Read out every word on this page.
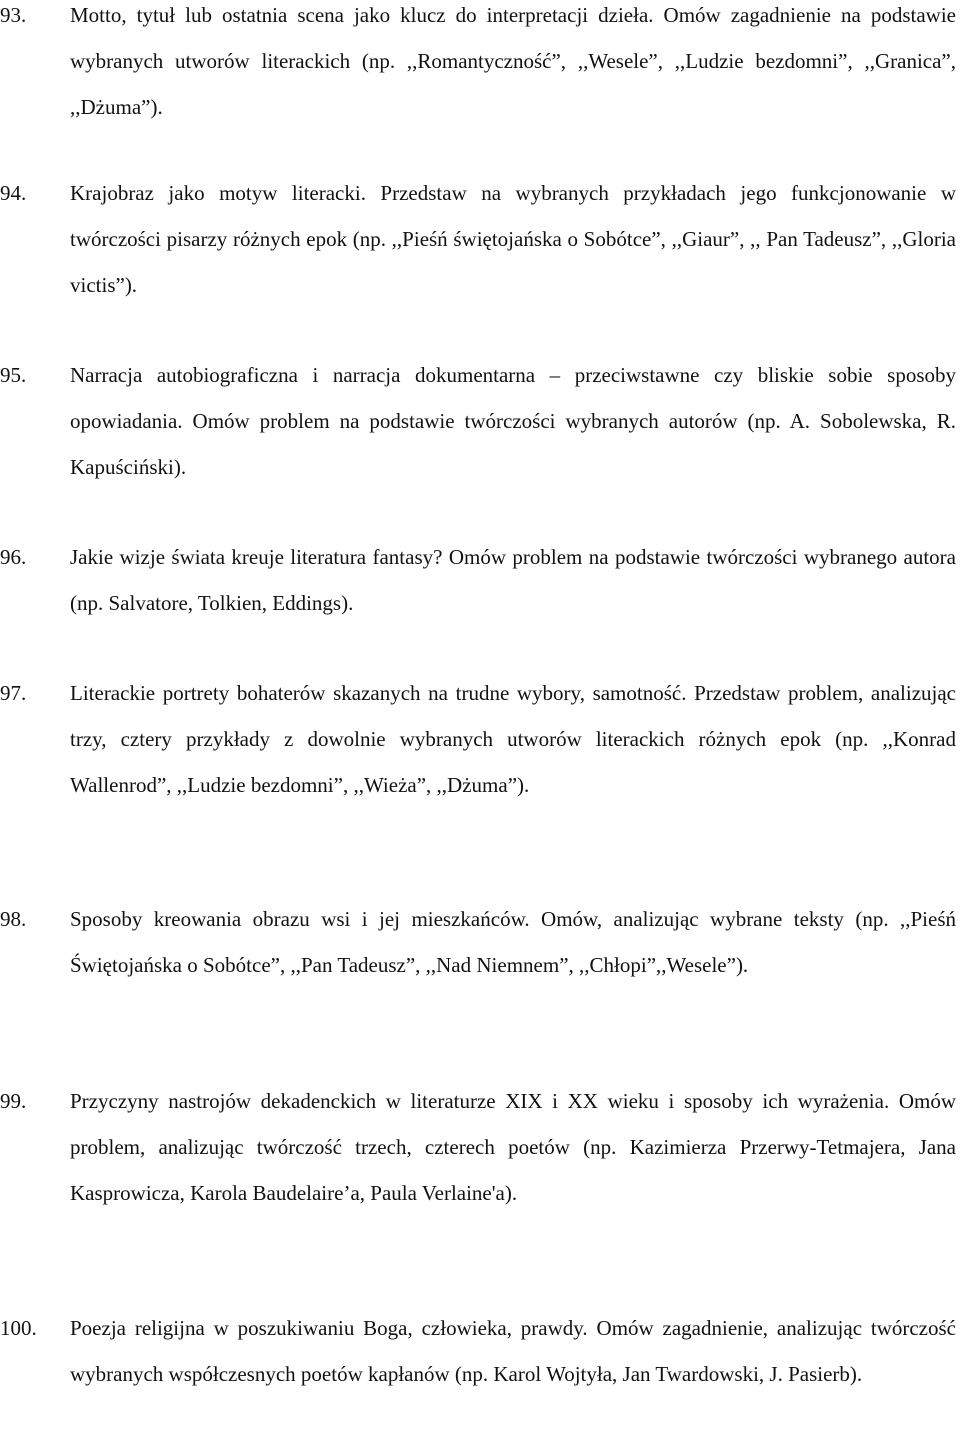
93. Motto, tytuł lub ostatnia scena jako klucz do interpretacji dzieła. Omów zagadnienie na podstawie wybranych utworów literackich (np. ,,Romantyczność”, ,,Wesele”, ,,Ludzie bezdomni”, ,,Granica”, ,,Dżuma”).

94. Krajobraz jako motyw literacki. Przedstaw na wybranych przykładach jego funkcjonowanie w twórczości pisarzy różnych epok (np. ,,Pieśń świętojańska o Sobótce”, ,,Giaur”, ,, Pan Tadeusz”, ,,Gloria victis”).

95. Narracja autobiograficzna i narracja dokumentarna – przeciwstawne czy bliskie sobie sposoby opowiadania. Omów problem na podstawie twórczości wybranych autorów (np. A. Sobolewska, R. Kapuściński).

96. Jakie wizje świata kreuje literatura fantasy? Omów problem na podstawie twórczości wybranego autora (np. Salvatore, Tolkien, Eddings).

97. Literackie portrety bohaterów skazanych na trudne wybory, samotność. Przedstaw problem, analizując trzy, cztery przykłady z dowolnie wybranych utworów literackich różnych epok (np. ,,Konrad Wallenrod”, ,,Ludzie bezdomni”, ,,Wieża”, ,,Dżuma”).

98. Sposoby kreowania obrazu wsi i jej mieszkańców. Omów, analizując wybrane teksty (np. ,,Pieśń Świętojańska o Sobótce”, ,,Pan Tadeusz”, ,,Nad Niemnem”, ,,Chłopi”,,Wesele”).

99. Przyczyny nastrojów dekadenckich w literaturze XIX i XX wieku i sposoby ich wyrażenia. Omów problem, analizując twórczość trzech, czterech poetów (np. Kazimierza Przerwy-Tetmajera, Jana Kasprowicza, Karola Baudelaire’a, Paula Verlaine'a).

100. Poezja religijna w poszukiwaniu Boga, człowieka, prawdy. Omów zagadnienie, analizując twórczość wybranych współczesnych poetów kapłanów (np. Karol Wojtyła, Jan Twardowski, J. Pasierb).
